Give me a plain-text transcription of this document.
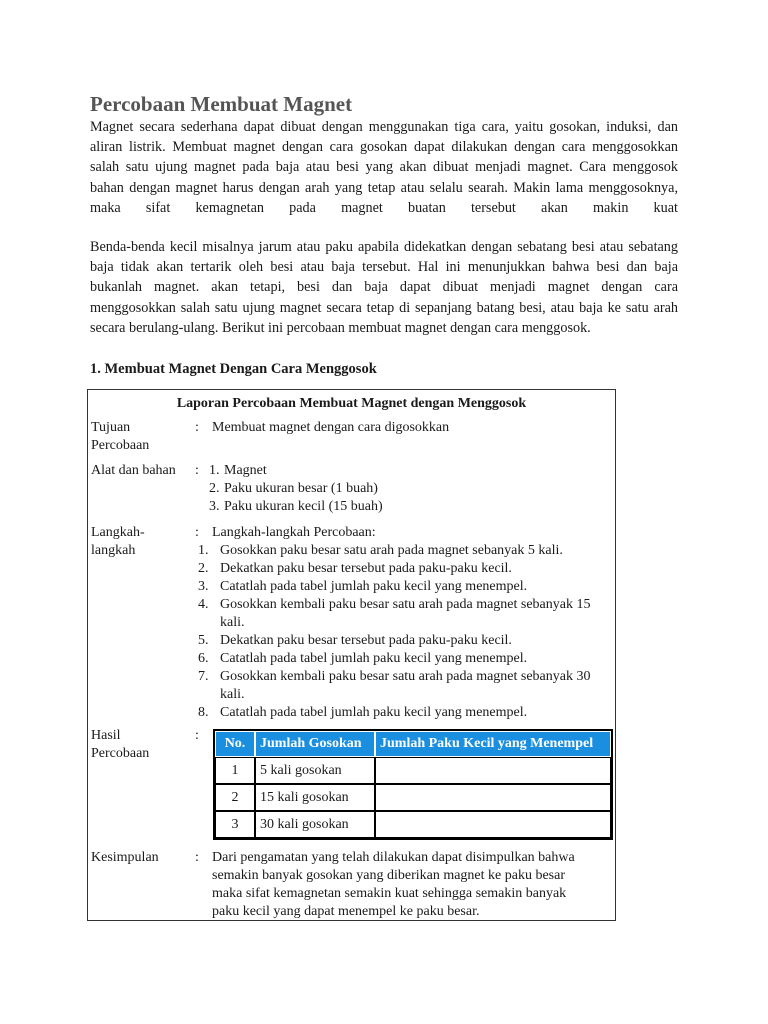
Percobaan Membuat Magnet

Magnet secara sederhana dapat dibuat dengan menggunakan tiga cara, yaitu gosokan, induksi, dan
aliran listrik. Membuat magnet dengan cara gosokan dapat dilakukan dengan cara menggosokkan
salah satu ujung magnet pada baja atau besi yang akan dibuat menjadi magnet. Cara menggosok
bahan dengan magnet harus dengan arah yang tetap atau selalu searah. Makin lama menggosoknya,
maka sifat kemagnetan pada magnet buatan tersebut akan makin kuat

Benda-benda kecil misalnya jarum atau paku apabila didekatkan dengan sebatang besi atau sebatang
baja tidak akan tertarik oleh besi atau baja tersebut. Hal ini menunjukkan bahwa besi dan baja
bukanlah magnet. akan tetapi, besi dan baja dapat dibuat menjadi magnet dengan cara
menggosokkan salah satu ujung magnet secara tetap di sepanjang batang besi, atau baja ke satu arah
secara berulang-ulang. Berikut ini percobaan membuat magnet dengan cara menggosok.

1. Membuat Magnet Dengan Cara Menggosok
Laporan Percobaan Membuat Magnet dengan Menggosok
Tujuan
Percobaan
: Membuat magnet dengan cara digosokkan
Alat dan bahan	: 1. Magnet
2. Paku ukuran besar (1 buah)
3. Paku ukuran kecil (15 buah)
Langkah-
langkah
: Langkah-langkah Percobaan:
1. Gosokkan paku besar satu arah pada magnet sebanyak 5 kali.
2. Dekatkan paku besar tersebut pada paku-paku kecil.
3. Catatlah pada tabel jumlah paku kecil yang menempel.
4. Gosokkan kembali paku besar satu arah pada magnet sebanyak 15 kali.
5. Dekatkan paku besar tersebut pada paku-paku kecil.
6. Catatlah pada tabel jumlah paku kecil yang menempel.
7. Gosokkan kembali paku besar satu arah pada magnet sebanyak 30 kali.
8. Catatlah pada tabel jumlah paku kecil yang menempel.
Hasil
Percobaan
:
No.	Jumlah Gosokan	Jumlah Paku Kecil yang Menempel
1	5 kali gosokan	
2	15 kali gosokan	
3	30 kali gosokan	
Kesimpulan	: Dari pengamatan yang telah dilakukan dapat disimpulkan bahwa
semakin banyak gosokan yang diberikan magnet ke paku besar
maka sifat kemagnetan semakin kuat sehingga semakin banyak
paku kecil yang dapat menempel ke paku besar.
